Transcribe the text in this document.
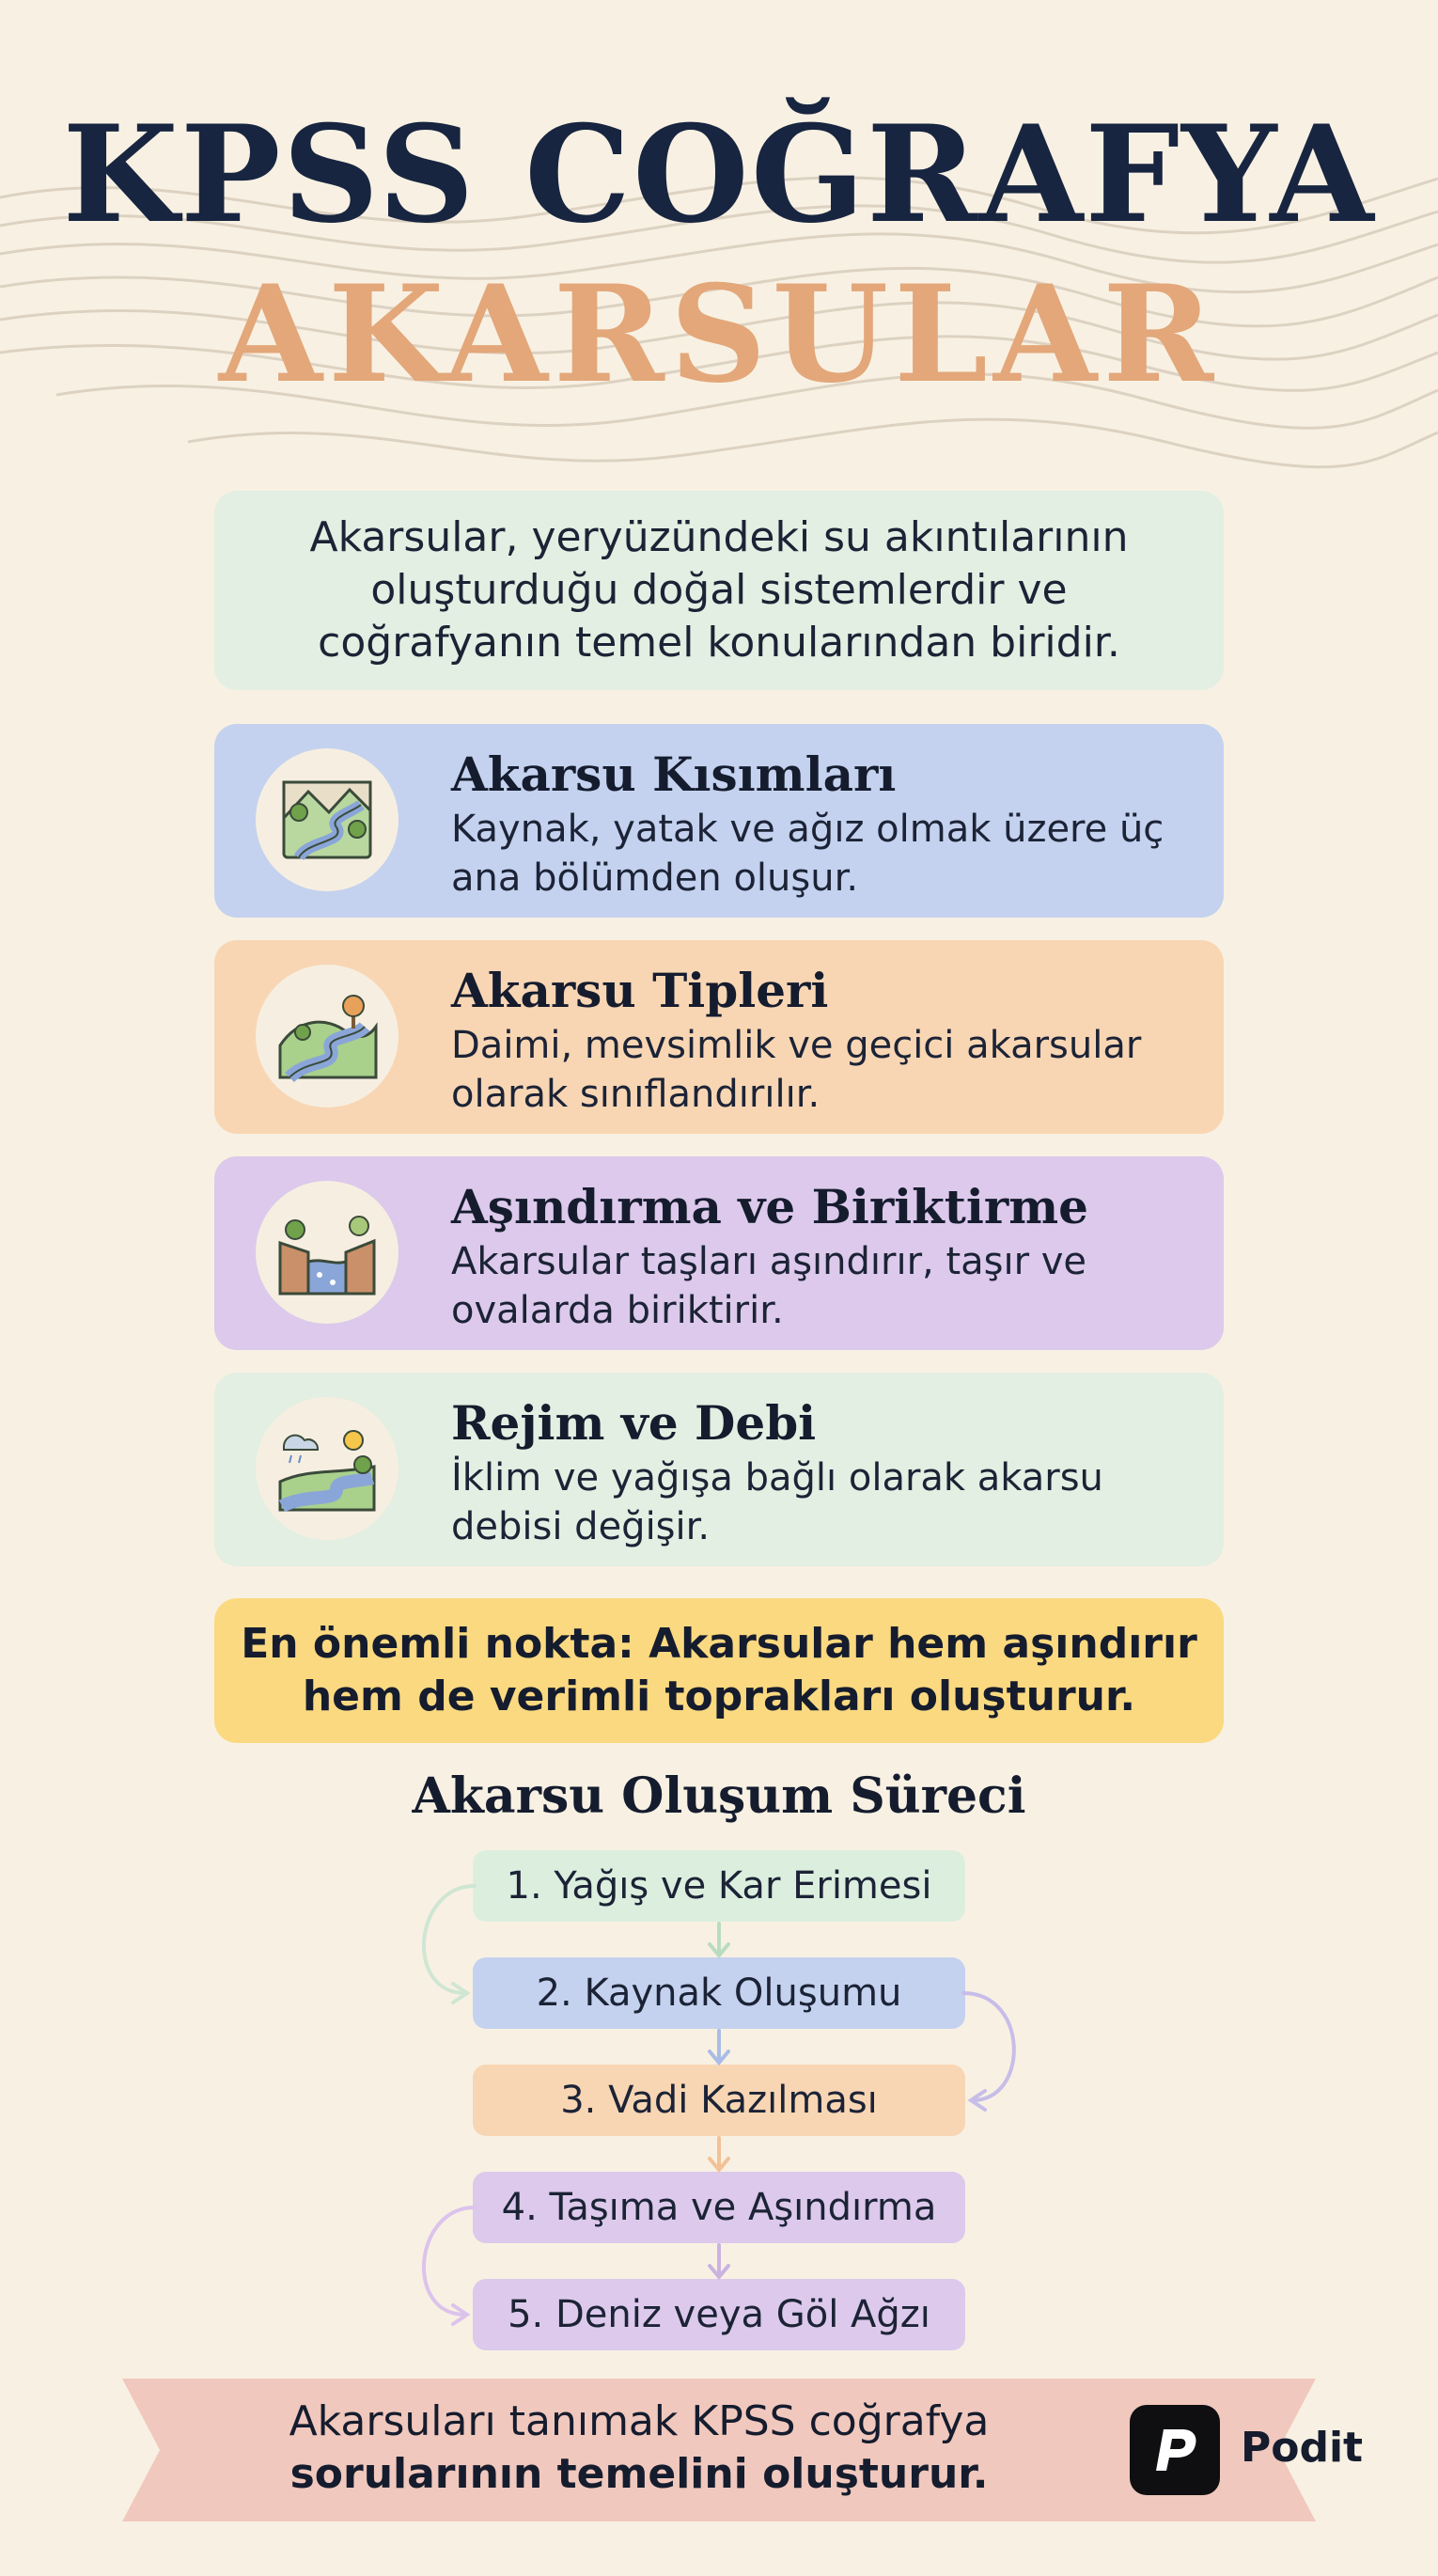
KPSS COĞRAFYA
AKARSULAR
Akarsular, yeryüzündeki su akıntılarının oluşturduğu doğal sistemlerdir ve coğrafyanın temel konularından biridir.
Akarsu Kısımları
Kaynak, yatak ve ağız olmak üzere üç ana bölümden oluşur.
Akarsu Tipleri
Daimi, mevsimlik ve geçici akarsular olarak sınıflandırılır.
Aşındırma ve Biriktirme
Akarsular taşları aşındırır, taşır ve ovalarda biriktirir.
Rejim ve Debi
İklim ve yağışa bağlı olarak akarsu debisi değişir.
En önemli nokta: Akarsular hem aşındırır hem de verimli toprakları oluşturur.
Akarsu Oluşum Süreci
1. Yağış ve Kar Erimesi
2. Kaynak Oluşumu
3. Vadi Kazılması
4. Taşıma ve Aşındırma
5. Deniz veya Göl Ağzı
Akarsuları tanımak KPSS coğrafya
sorularının temelini oluşturur.
Podit
